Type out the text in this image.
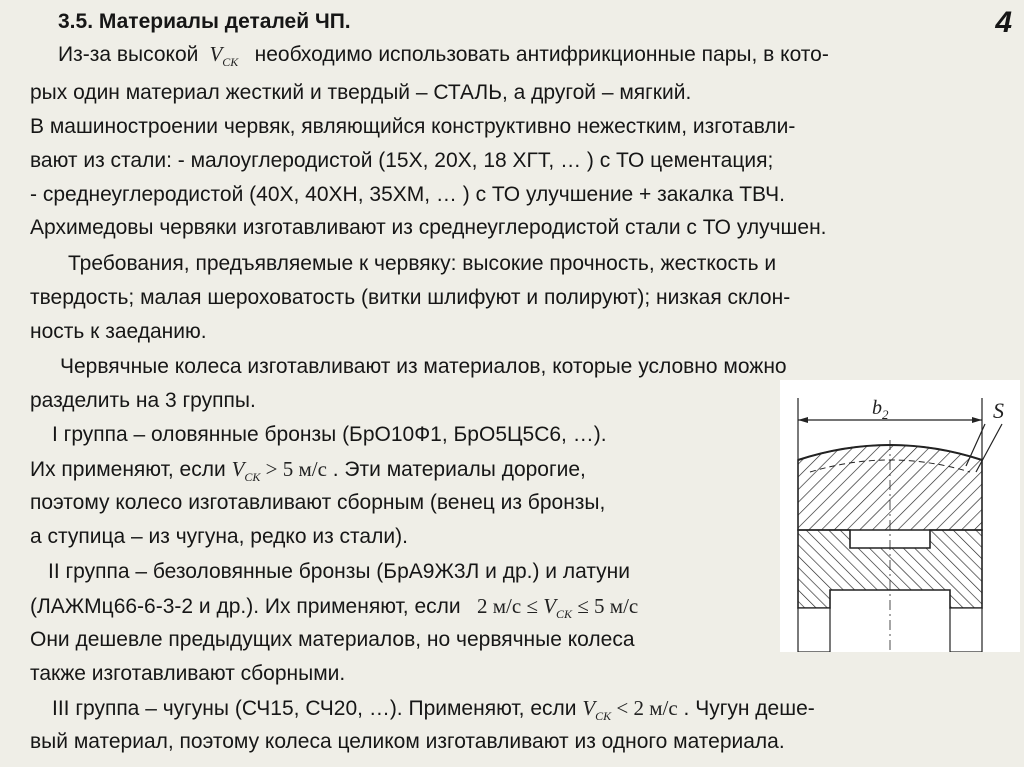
3.5. Материалы деталей ЧП.	4
Из-за высокой $V_{СК}$ необходимо использовать антифрикционные пары, в кото-
рых один материал жесткий и твердый – СТАЛЬ, а другой – мягкий.
В машиностроении червяк, являющийся конструктивно нежестким, изготавли-
вают из стали: - малоуглеродистой (15Х, 20Х, 18 ХГТ, … ) с ТО цементация;
- среднеуглеродистой (40Х, 40ХН, 35ХМ, … ) с ТО улучшение + закалка ТВЧ.
Архимедовы червяки изготавливают из среднеуглеродистой стали с ТО улучшен.
Требования, предъявляемые к червяку: высокие прочность, жесткость и
твердость; малая шероховатость (витки шлифуют и полируют); низкая склон-
ность к заеданию.
Червячные колеса изготавливают из материалов, которые условно можно
разделить на 3 группы.
I группа – оловянные бронзы (БрО10Ф1, БрО5Ц5С6, …).
Их применяют, если $V_{СК} > 5$ м/с . Эти материалы дорогие,
поэтому колесо изготавливают сборным (венец из бронзы,
а ступица – из чугуна, редко из стали).
II группа – безоловянные бронзы (БрА9Ж3Л и др.) и латуни
(ЛАЖМц66-6-3-2 и др.). Их применяют, если 2 $м/с \le V_{СК} \le 5$ м/с
Они дешевле предыдущих материалов, но червячные колеса
также изготавливают сборными.
III группа – чугуны (СЧ15, СЧ20, …). Применяют, если $V_{СК} < 2$ м/с . Чугун деше-
вый материал, поэтому колеса целиком изготавливают из одного материала.
$b_2$	S
